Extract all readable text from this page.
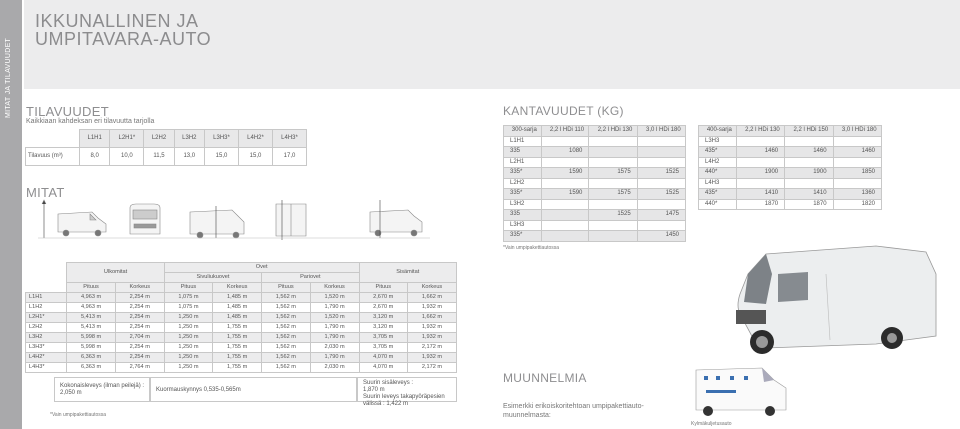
MITAT JA TILAVUUDET
IKKUNALLINEN JA
UMPITAVARA-AUTO
TILAVUUDET
Kaikkiaan kahdeksan eri tilavuutta tarjolla
	L1H1	L2H1*	L2H2	L3H2	L3H3*	L4H2*	L4H3*
Tilavuus (m³)	8,0	10,0	11,5	13,0	15,0	15,0	17,0
MITAT
KANTAVUUDET (KG)
300-sarja	2,2 l HDi 110	2,2 l HDi 130	3,0 l HDi 180
L1H1			
335	1080		
L2H1			
335*	1590	1575	1525
L2H2			
335*	1590	1575	1525
L3H2			
335		1525	1475
L3H3			
335*			1450
400-sarja	2,2 l HDi 130	2,2 l HDi 150	3,0 l HDi 180
L3H3			
435*	1460	1460	1460
L4H2			
440*	1900	1900	1850
L4H3			
435*	1410	1410	1360
440*	1870	1870	1820
*Vain umpipakettiautossa
	Ulkomitat		Ovet				Sisämitat	
			Sivuliukuovet		Pariovet			
	Pituus	Korkeus	Pituus	Korkeus	Pituus	Korkeus	Pituus	Korkeus
L1H1	4,963 m	2,254 m	1,075 m	1,485 m	1,562 m	1,520 m	2,670 m	1,662 m
L1H2	4,963 m	2,254 m	1,075 m	1,485 m	1,562 m	1,790 m	2,670 m	1,932 m
L2H1*	5,413 m	2,254 m	1,250 m	1,485 m	1,562 m	1,520 m	3,120 m	1,662 m
L2H2	5,413 m	2,254 m	1,250 m	1,755 m	1,562 m	1,790 m	3,120 m	1,932 m
L3H2	5,998 m	2,704 m	1,250 m	1,755 m	1,562 m	1,790 m	3,705 m	1,932 m
L3H3*	5,998 m	2,254 m	1,250 m	1,755 m	1,562 m	2,030 m	3,705 m	2,172 m
L4H2*	6,363 m	2,254 m	1,250 m	1,755 m	1,562 m	1,790 m	4,070 m	1,932 m
L4H3*	6,363 m	2,764 m	1,250 m	1,755 m	1,562 m	2,030 m	4,070 m	2,172 m
Kokonaisleveys (ilman peilejä) : 2,050 m	Kuormauskynnys 0,535-0,565m
Suurin sisäleveys :
1,870 m
Suurin leveys takapyöräpesien
välissä : 1,422 m
*Vain umpipakettiautossa
MUUNNELMIA
Esimerkki erikoiskoritehtoan umpipakettiauto-
muunnelmasta:
Kylmäkuljetusauto
